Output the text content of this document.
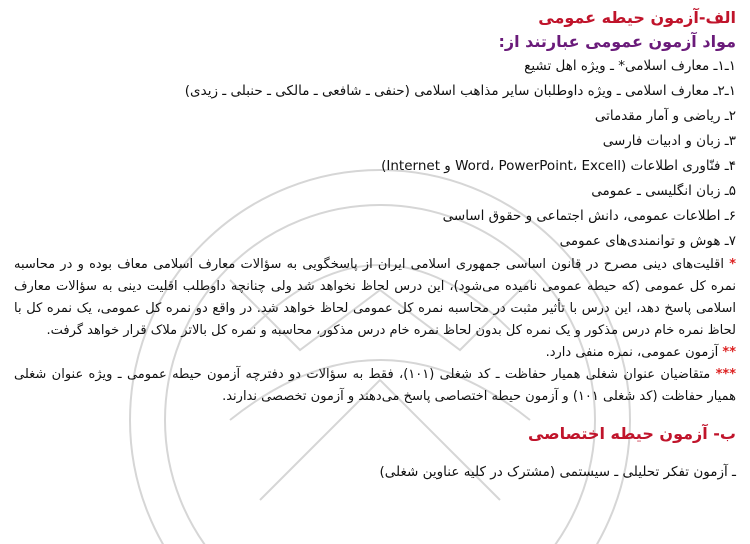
الف-آزمون حیطه عمومی
مواد آزمون عمومی عبارتند از:
۱ـ۱ـ معارف اسلامی* ـ ویژه اهل تشیع
۱ـ۲ـ معارف اسلامی ـ ویژه داوطلبان سایر مذاهب اسلامی (حنفی ـ شافعی ـ مالکی ـ حنبلی ـ زیدی)
۲ـ ریاضی و آمار مقدماتی
۳ـ زبان و ادبیات فارسی
۴ـ فنّاوری اطلاعات (Word، PowerPoint، Excell و Internet)
۵ـ زبان انگلیسی ـ عمومی
۶ـ اطلاعات عمومی، دانش اجتماعی و حقوق اساسی
۷ـ هوش و توانمندی‌های عمومی
* اقلیت‌های دینی مصرح در قانون اساسی جمهوری اسلامی ایران از پاسخگویی به سؤالات معارف اسلامی معاف بوده و در محاسبه نمره کل عمومی (که حیطه عمومی نامیده می‌شود)، این درس لحاظ نخواهد شد ولی چنانچه داوطلب اقلیت دینی به سؤالات معارف اسلامی پاسخ دهد، این درس با تأثیر مثبت در محاسبه نمره کل عمومی لحاظ خواهد شد. در واقع دو نمره کل عمومی، یک نمره کل با لحاظ نمره خام درس مذکور و یک نمره کل بدون لحاظ نمره خام درس مذکور، محاسبه و نمره کل بالاتر ملاک قرار خواهد گرفت.
** آزمون عمومی، نمره منفی دارد.
*** متقاضیان عنوان شغلی همیار حفاظت ـ کد شغلی (۱۰۱)، فقط به سؤالات دو دفترچه آزمون حیطه عمومی ـ ویژه عنوان شغلی همیار حفاظت (کد شغلی ۱۰۱) و آزمون حیطه اختصاصی پاسخ می‌دهند و آزمون تخصصی ندارند.
ب- آزمون حیطه اختصاصی
ـ آزمون تفکر تحلیلی ـ سیستمی (مشترک در کلیه عناوین شغلی)
